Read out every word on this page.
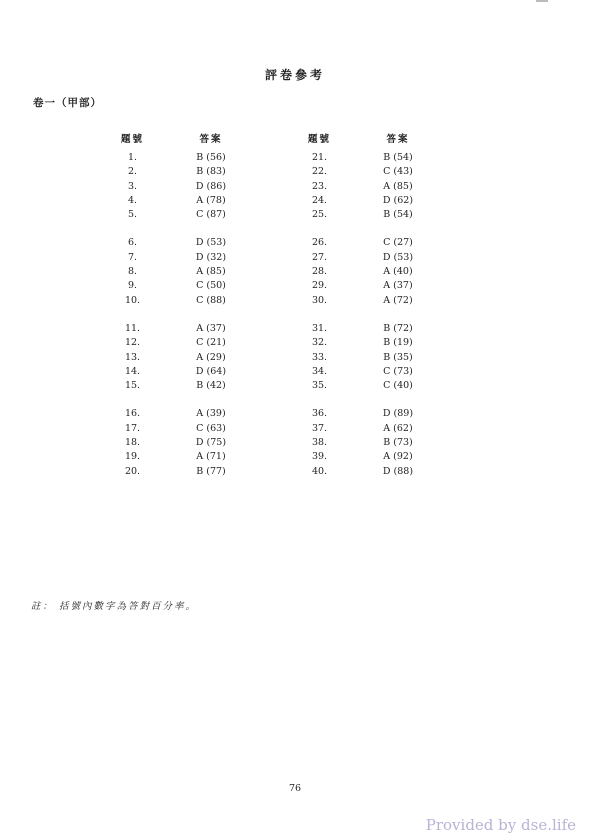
評卷參考
卷一（甲部）
題號	答案		題號	答案
1.	B (56)		21.	B (54)
2.	B (83)		22.	C (43)
3.	D (86)		23.	A (85)
4.	A (78)		24.	D (62)
5.	C (87)		25.	B (54)

6.	D (53)		26.	C (27)
7.	D (32)		27.	D (53)
8.	A (85)		28.	A (40)
9.	C (50)		29.	A (37)
10.	C (88)		30.	A (72)

11.	A (37)		31.	B (72)
12.	C (21)		32.	B (19)
13.	A (29)		33.	B (35)
14.	D (64)		34.	C (73)
15.	B (42)		35.	C (40)

16.	A (39)		36.	D (89)
17.	C (63)		37.	A (62)
18.	D (75)		38.	B (73)
19.	A (71)		39.	A (92)
20.	B (77)		40.	D (88)
註： 括號內數字為答對百分率。
76
Provided by dse.life
